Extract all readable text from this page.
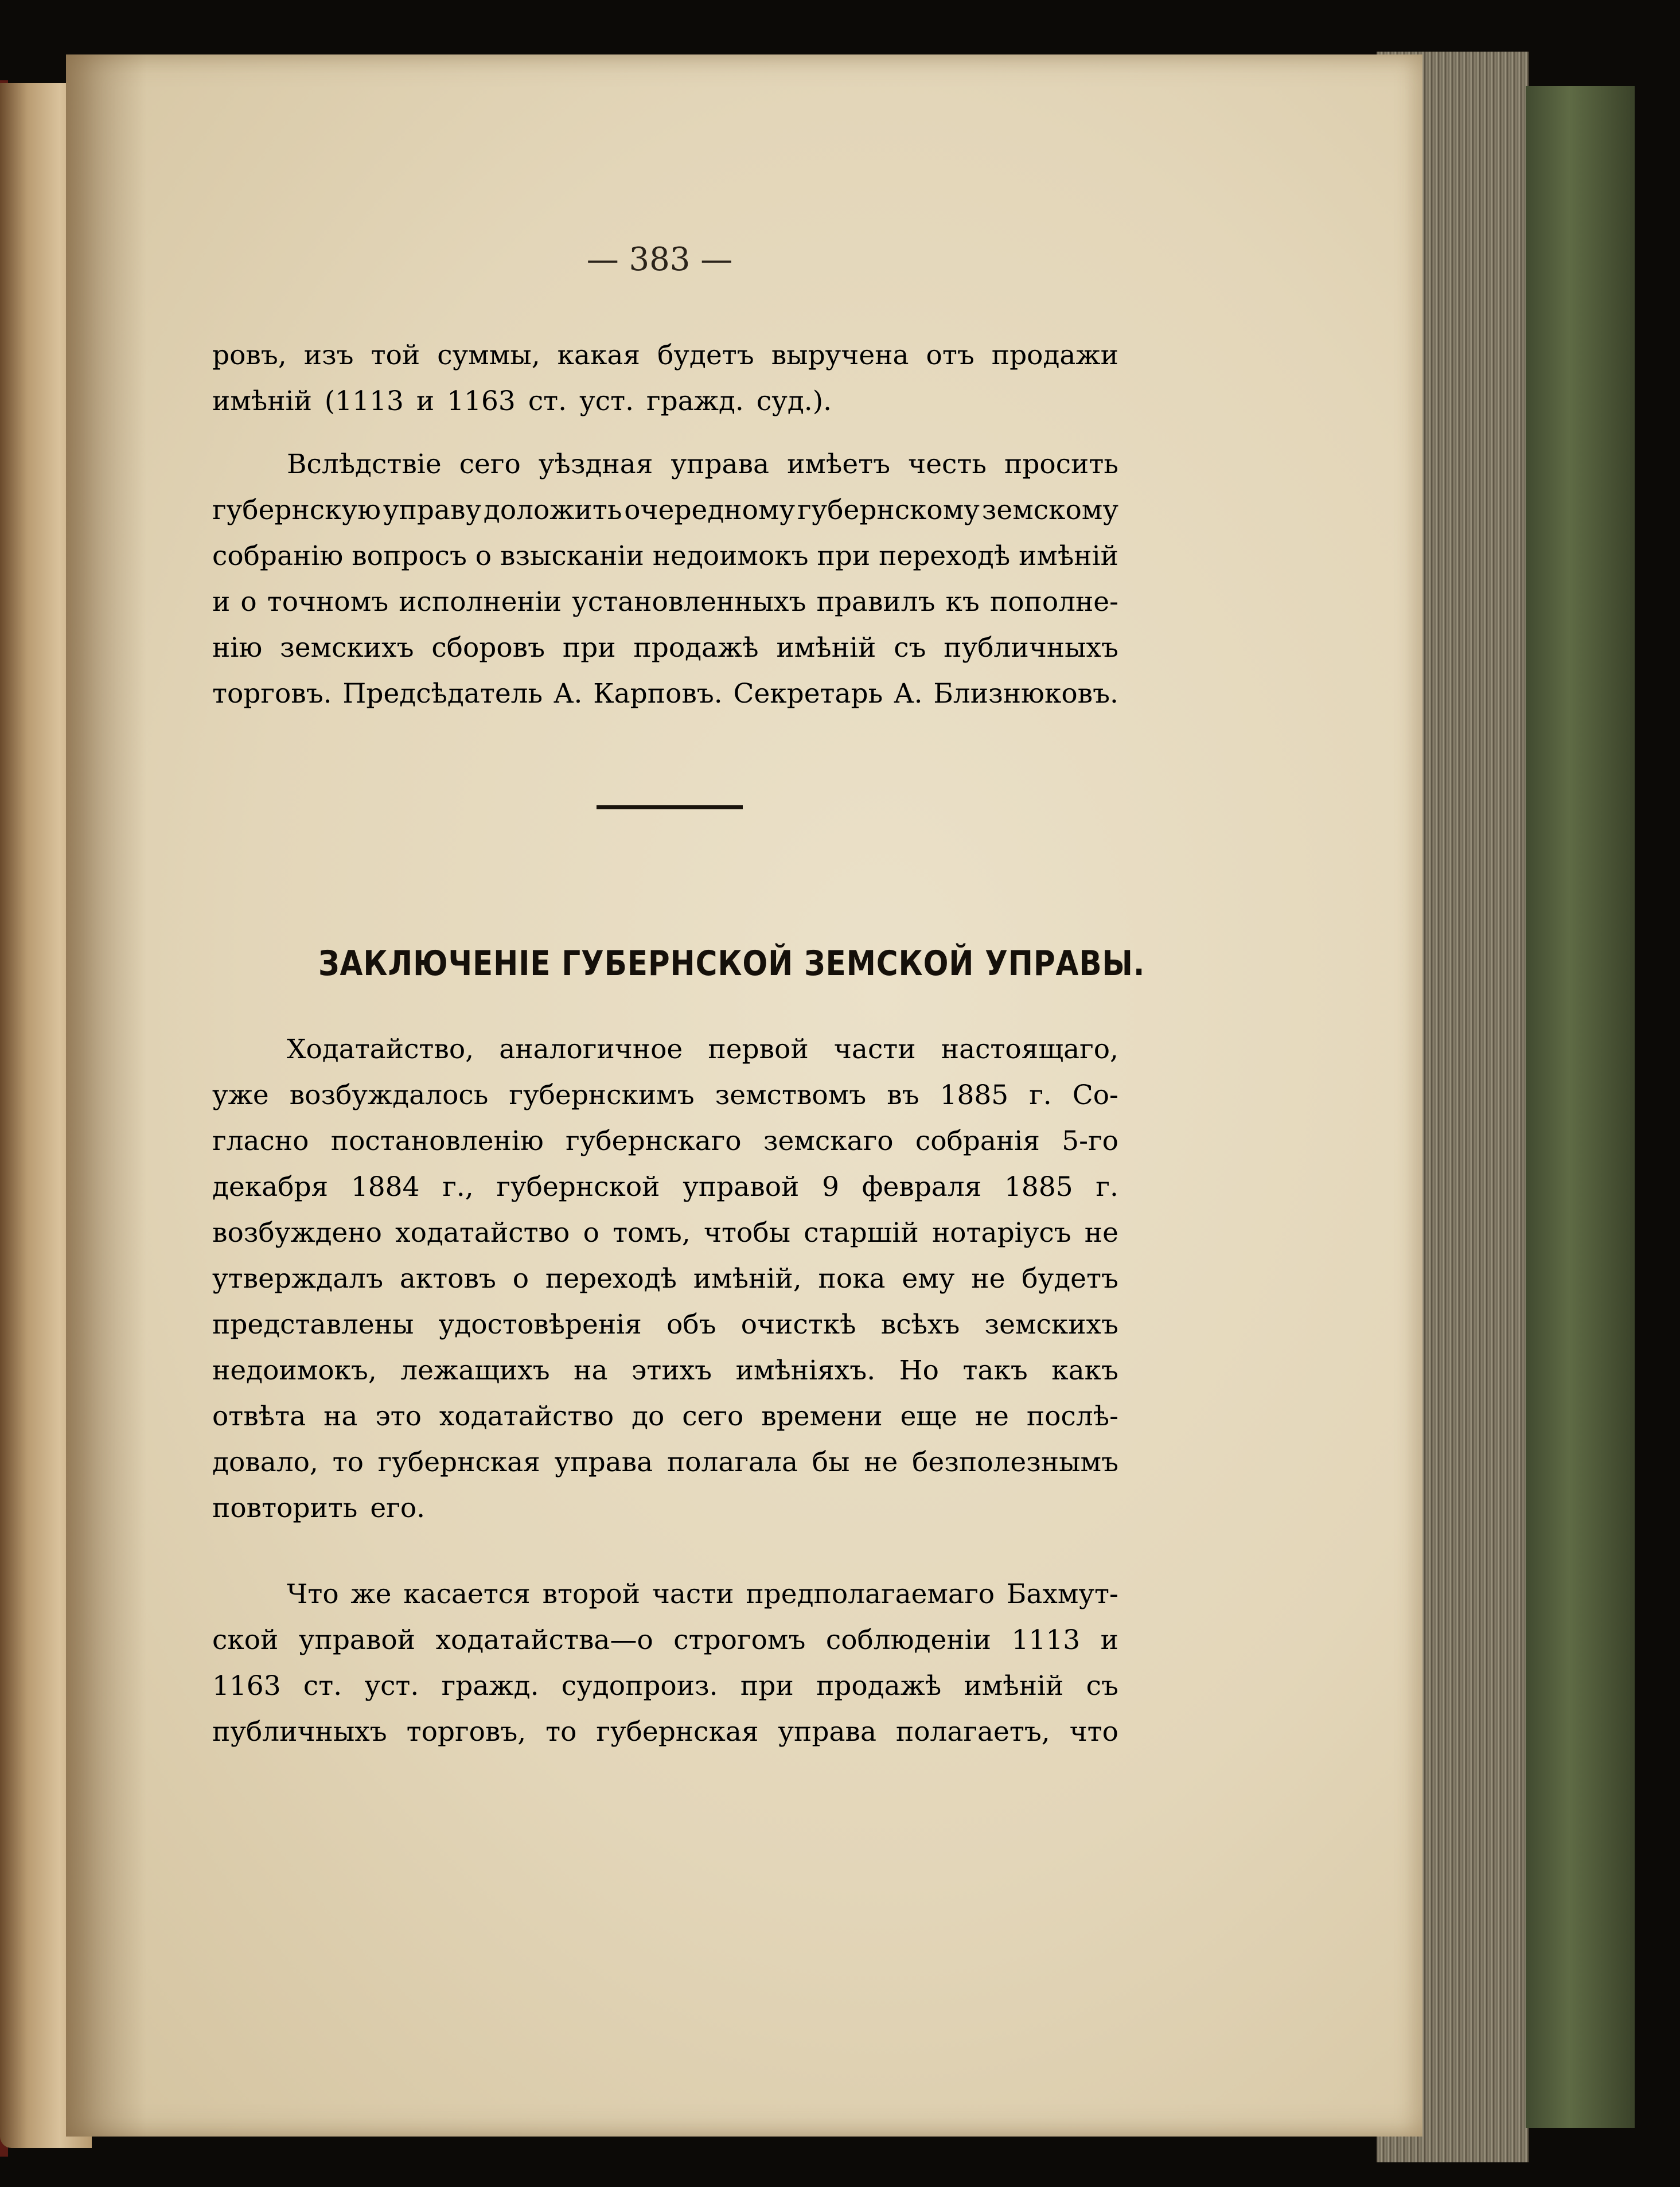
— 383 —
ровъ, изъ той суммы, какая будетъ выручена отъ продажи
имѣній (1113 и 1163 ст. уст. гражд. суд.).
Вслѣдствіе сего уѣздная управа имѣетъ честь просить
губернскую управу доложить очередному губернскому земскому
собранію вопросъ о взысканіи недоимокъ при переходѣ имѣній
и о точномъ исполненіи установленныхъ правилъ къ пополне-
нію земскихъ сборовъ при продажѣ имѣній съ публичныхъ
торговъ. Предсѣдатель А. Карповъ. Секретарь А. Близнюковъ.
ЗАКЛЮЧЕНІЕ ГУБЕРНСКОЙ ЗЕМСКОЙ УПРАВЫ.
Ходатайство, аналогичное первой части настоящаго,
уже возбуждалось губернскимъ земствомъ въ 1885 г. Со-
гласно постановленію губернскаго земскаго собранія 5-го
декабря 1884 г., губернской управой 9 февраля 1885 г.
возбуждено ходатайство о томъ, чтобы старшій нотаріусъ не
утверждалъ актовъ о переходѣ имѣній, пока ему не будетъ
представлены удостовѣренія объ очисткѣ всѣхъ земскихъ
недоимокъ, лежащихъ на этихъ имѣніяхъ. Но такъ какъ
отвѣта на это ходатайство до сего времени еще не послѣ-
довало, то губернская управа полагала бы не безполезнымъ
повторить его.
Что же касается второй части предполагаемаго Бахмут-
ской управой ходатайства—о строгомъ соблюденіи 1113 и
1163 ст. уст. гражд. судопроиз. при продажѣ имѣній съ
публичныхъ торговъ, то губернская управа полагаетъ, что
